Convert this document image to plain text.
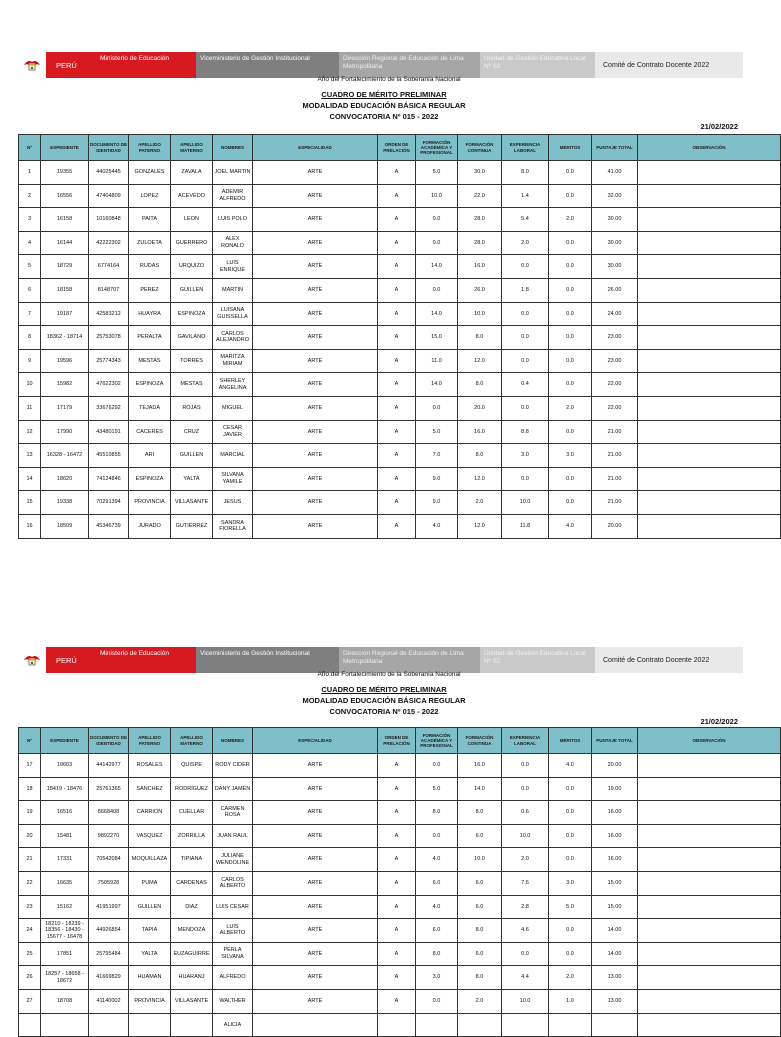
PERÚ
Ministerio de Educación	Viceministerio de Gestión Institucional	Dirección Regional de Educación de Lima Metropolitana
Unidad de Gestión Educativa Local Nº 02	Comité de Contrato Docente 2022
Año del Fortalecimiento de la Soberanía Nacional
CUADRO DE MÉRITO PRELIMINAR
MODALIDAD EDUCACIÓN BÁSICA REGULAR
CONVOCATORIA Nº 015 - 2022
21/02/2022
Nº	EXPEDIENTE	DOCUMENTO DE IDENTIDAD	APELLIDO PATERNO	APELLIDO MATERNO	NOMBRES	ESPECIALIDAD	ORDEN DE PRELACIÓN	FORMACIÓN ACADÉMICA Y PROFESIONAL	FORMACIÓN CONTINUA	EXPERIENCIA LABORAL	MÉRITOS	PUNTAJE TOTAL	OBSERVACIÓN
1	19355	44025445	GONZALES	ZAVALA	JOEL MARTIN	ARTE	A	5.0	30.0	8.0	0.0	41.00	
2	16556	47404809	LOPEZ	ACEVEDO	ADEMIR ALFREDO	ARTE	A	10.0	22.0	1.4	0.0	32.00	
3	16158	10160848	PAITA	LEON	LUIS POLO	ARTE	A	0.0	28.0	5.4	2.0	30.00	
4	16144	42222302	ZULOETA	GUERRERO	ALEX RONALD	ARTE	A	0.0	28.0	2.0	0.0	30.00	
5	18729	6774164	RUDAS	URQUIZO	LUIS ENRIQUE	ARTE	A	14.0	16.0	0.0	0.0	30.00	
6	18158	8148707	PEREZ	GUILLEN	MARTIN	ARTE	A	0.0	26.0	1.8	0.0	26.00	
7	19187	42583212	HUAYRA	ESPINOZA	LUISANA GUISSELLA	ARTE	A	14.0	10.0	0.0	0.0	24.00	
8	18362 - 18714	25753078	PERALTA	GAVILANO	CARLOS ALEJANDRO	ARTE	A	15.0	8.0	0.0	0.0	23.00	
9	19596	25774343	MESTAS	TORRES	MARITZA MIRIAM	ARTE	A	11.0	12.0	0.0	0.0	23.00	
10	15982	47622302	ESPINOZA	MESTAS	SHERLEY ANGELINA	ARTE	A	14.0	8.0	0.4	0.0	22.00	
11	17179	33676292	TEJADA	ROJAS	MIGUEL	ARTE	A	0.0	20.0	0.0	2.0	22.00	
12	17990	43480191	CACERES	CRUZ	CESAR JAVIER	ARTE	A	5.0	16.0	8.8	0.0	21.00	
13	16328 - 16472	45510855	ARI	GUILLEN	MARCIAL	ARTE	A	7.0	8.0	3.0	3.0	21.00	
14	18620	74124846	ESPINOZA	YALTA	SILVANA YAMILE	ARTE	A	9.0	12.0	0.0	0.0	21.00	
15	19338	70291394	PROVINCIA	VILLASANTE	JESUS	ARTE	A	9.0	2.0	10.0	0.0	21.00	
16	18509	45346739	JURADO	GUTIÉRREZ	SANDRA FIORELLA	ARTE	A	4.0	12.0	11.8	4.0	20.00	
PERÚ
Ministerio de Educación	Viceministerio de Gestión Institucional	Dirección Regional de Educación de Lima Metropolitana
Unidad de Gestión Educativa Local Nº 02	Comité de Contrato Docente 2022
Año del Fortalecimiento de la Soberanía Nacional
CUADRO DE MÉRITO PRELIMINAR
MODALIDAD EDUCACIÓN BÁSICA REGULAR
CONVOCATORIA Nº 015 - 2022
21/02/2022
Nº	EXPEDIENTE	DOCUMENTO DE IDENTIDAD	APELLIDO PATERNO	APELLIDO MATERNO	NOMBRES	ESPECIALIDAD	ORDEN DE PRELACIÓN	FORMACIÓN ACADÉMICA Y PROFESIONAL	FORMACIÓN CONTINUA	EXPERIENCIA LABORAL	MÉRITOS	PUNTAJE TOTAL	OBSERVACIÓN
17	19603	44142977	ROSALES	QUISPE	RODY CIDER	ARTE	A	0.0	16.0	0.0	4.0	20.00	
18	18419 - 18476	25761365	SÁNCHEZ	RODRÍGUEZ	DANY JAMEN	ARTE	A	5.0	14.0	0.0	0.0	19.00	
19	16516	8668408	CARRION	CUELLAR	CARMEN ROSA	ARTE	A	8.0	8.0	0.6	0.0	16.00	
20	15481	9892270	VASQUEZ	ZORRILLA	JUAN RAUL	ARTE	A	0.0	6.0	10.0	0.0	16.00	
21	17331	70542084	MOQUILLAZA	TIPIANA	JULIANE WENDOLINE	ARTE	A	4.0	10.0	2.0	0.0	16.00	
22	16635	7505928	PUMA	CARDENAS	CARLOS ALBERTO	ARTE	A	6.0	6.0	7.6	3.0	15.00	
23	15162	41951997	GUILLEN	DIAZ	LUIS CESAR	ARTE	A	4.0	6.0	2.8	5.0	15.00	
24	18210 - 18239 - 18356 - 18430 - 15677 - 16478	44926854	TAPIA	MENDOZA	LUIS ALBERTO	ARTE	A	6.0	8.0	4.6	0.0	14.00	
25	17851	25795484	YALTA	EUZAGUIRRE	PERLA SILVANA	ARTE	A	8.0	6.0	0.0	0.0	14.00	
26	18257 - 18658 - 18672	41669829	HUAMAN	HUARANJ	ALFREDO	ARTE	A	3.0	8.0	4.4	2.0	13.00	
27	18708	41140002	PROVINCIA	VILLASANTE	WALTHER	ARTE	A	0.0	2.0	10.0	1.0	13.00	
					ALICIA								
